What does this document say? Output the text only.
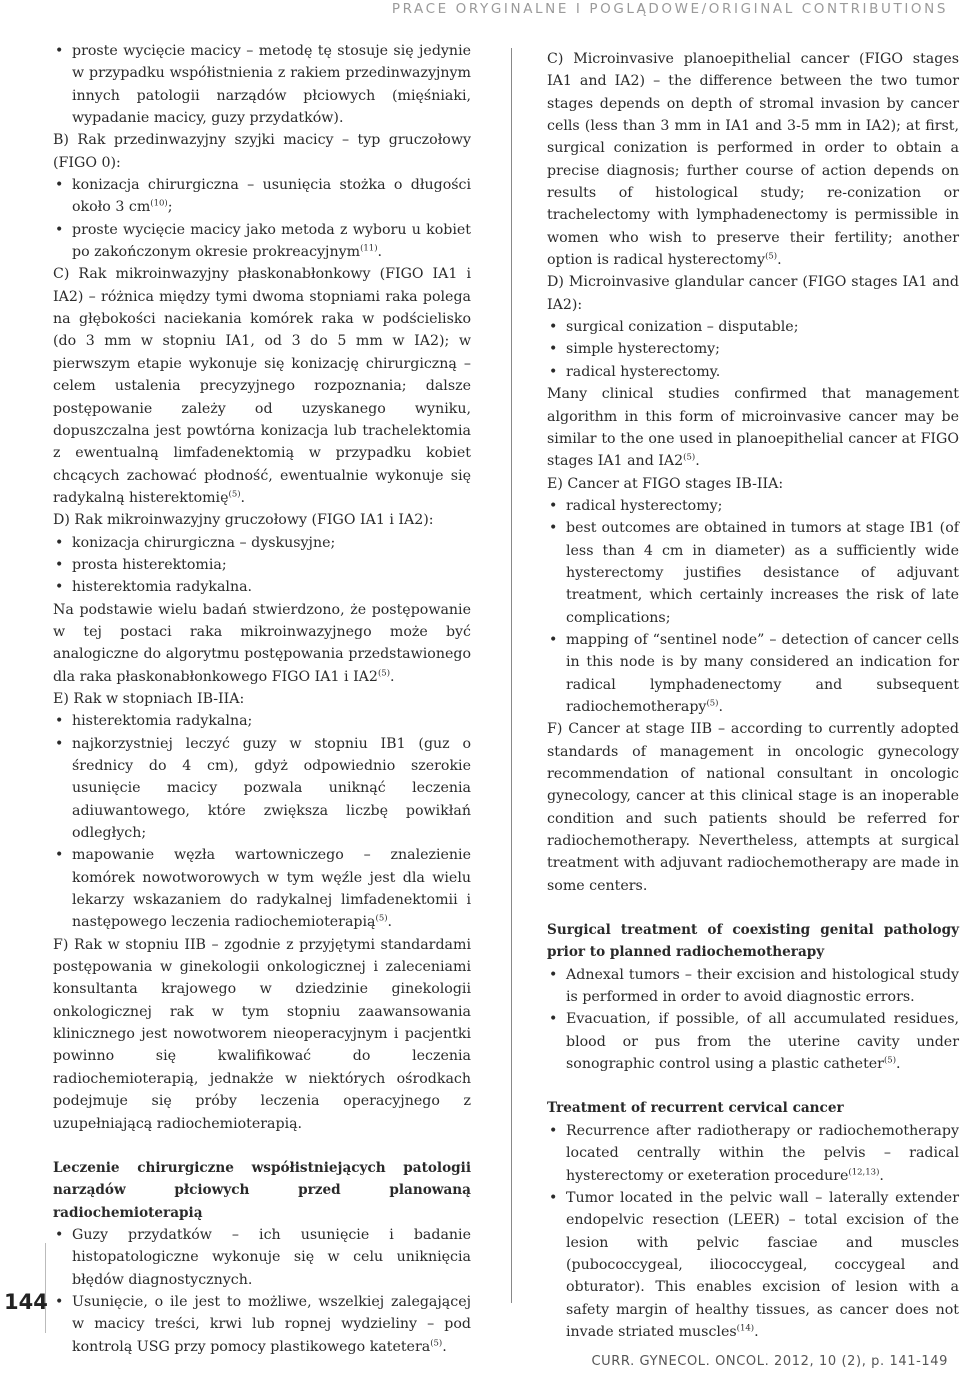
PRACE ORYGINALNE I POGLĄDOWE/ORIGINAL CONTRIBUTIONS
144
• proste wycięcie macicy – metodę tę stosuje się jedynie w przypadku współistnienia z rakiem przedinwazyjnym innych patologii narządów płciowych (mięśniaki, wypadanie macicy, guzy przydatków).

B) Rak przedinwazyjny szyjki macicy – typ gruczołowy (FIGO 0):

• konizacja chirurgiczna – usunięcia stożka o długości około 3 $cm^{(10)}$;
• proste wycięcie macicy jako metoda z wyboru u kobiet po zakończonym okresie prokreacyjnym$^{(11)}$.

C) Rak mikroinwazyjny płaskonabłonkowy (FIGO IA1 i IA2) – różnica między tymi dwoma stopniami raka polega na głębokości naciekania komórek raka w podścielisko (do 3 mm w stopniu IA1, od 3 do 5 mm w IA2); w pierwszym etapie wykonuje się konizację chirurgiczną – celem ustalenia precyzyjnego rozpoznania; dalsze postępowanie zależy od uzyskanego wyniku, dopuszczalna jest powtórna konizacja lub trachelektomia z ewentualną limfadenektomią w przypadku kobiet chcących zachować płodność, ewentualnie wykonuje się radykalną histerektomię$^{(5)}$.

D) Rak mikroinwazyjny gruczołowy (FIGO IA1 i IA2):

• konizacja chirurgiczna – dyskusyjne;
• prosta histerektomia;
• histerektomia radykalna.

Na podstawie wielu badań stwierdzono, że postępowanie w tej postaci raka mikroinwazyjnego może być analogiczne do algorytmu postępowania przedstawionego dla raka płaskonabłonkowego FIGO IA1 i IA2$^{(5)}$.

E) Rak w stopniach IB-IIA:

• histerektomia radykalna;
• najkorzystniej leczyć guzy w stopniu IB1 (guz o średnicy do 4 cm), gdyż odpowiednio szerokie usunięcie macicy pozwala uniknąć leczenia adiuwantowego, które zwiększa liczbę powikłań odległych;
• mapowanie węzła wartowniczego – znalezienie komórek nowotworowych w tym węźle jest dla wielu lekarzy wskazaniem do radykalnej limfadenektomii i następowego leczenia radiochemioterapią$^{(5)}$.

F) Rak w stopniu IIB – zgodnie z przyjętymi standardami postępowania w ginekologii onkologicznej i zaleceniami konsultanta krajowego w dziedzinie ginekologii onkologicznej rak w tym stopniu zaawansowania klinicznego jest nowotworem nieoperacyjnym i pacjentki powinno się kwalifikować do leczenia radiochemioterapią, jednakże w niektórych ośrodkach podejmuje się próby leczenia operacyjnego z uzupełniającą radiochemioterapią.

Leczenie chirurgiczne współistniejących patologii narządów płciowych przed planowaną radiochemioterapią

• Guzy przydatków – ich usunięcie i badanie histopatologiczne wykonuje się w celu uniknięcia błędów diagnostycznych.
• Usunięcie, o ile jest to możliwe, wszelkiej zalegającej w macicy treści, krwi lub ropnej wydzieliny – pod kontrolą USG przy pomocy plastikowego katetera$^{(5)}$.

C) Microinvasive planoepithelial cancer (FIGO stages IA1 and IA2) – the difference between the two tumor stages depends on depth of stromal invasion by cancer cells (less than 3 mm in IA1 and 3-5 mm in IA2); at first, surgical conization is performed in order to obtain a precise diagnosis; further course of action depends on results of histological study; re-conization or trachelectomy with lymphadenectomy is permissible in women who wish to preserve their fertility; another option is radical hysterectomy$^{(5)}$.

D) Microinvasive glandular cancer (FIGO stages IA1 and IA2):

• surgical conization – disputable;
• simple hysterectomy;
• radical hysterectomy.

Many clinical studies confirmed that management algorithm in this form of microinvasive cancer may be similar to the one used in planoepithelial cancer at FIGO stages IA1 and IA2$^{(5)}$.

E) Cancer at FIGO stages IB-IIA:

• radical hysterectomy;
• best outcomes are obtained in tumors at stage IB1 (of less than 4 cm in diameter) as a sufficiently wide hysterectomy justifies desistance of adjuvant treatment, which certainly increases the risk of late complications;
• mapping of “sentinel node” – detection of cancer cells in this node is by many considered an indication for radical lymphadenectomy and subsequent radiochemotherapy$^{(5)}$.

F) Cancer at stage IIB – according to currently adopted standards of management in oncologic gynecology recommendation of national consultant in oncologic gynecology, cancer at this clinical stage is an inoperable condition and such patients should be referred for radiochemotherapy. Nevertheless, attempts at surgical treatment with adjuvant radiochemotherapy are made in some centers.

Surgical treatment of coexisting genital pathology prior to planned radiochemotherapy

• Adnexal tumors – their excision and histological study is performed in order to avoid diagnostic errors.
• Evacuation, if possible, of all accumulated residues, blood or pus from the uterine cavity under sonographic control using a plastic catheter$^{(5)}$.

Treatment of recurrent cervical cancer

• Recurrence after radiotherapy or radiochemotherapy located centrally within the pelvis – radical hysterectomy or exeteration procedure$^{(12,13)}$.
• Tumor located in the pelvic wall – laterally extender endopelvic resection (LEER) – total excision of the lesion with pelvic fasciae and muscles (pubococcygeal, iliococcygeal, coccygeal and obturator). This enables excision of lesion with a safety margin of healthy tissues, as cancer does not invade striated muscles$^{(14)}$.
CURR. GYNECOL. ONCOL. 2012, 10 (2), p. 141-149
